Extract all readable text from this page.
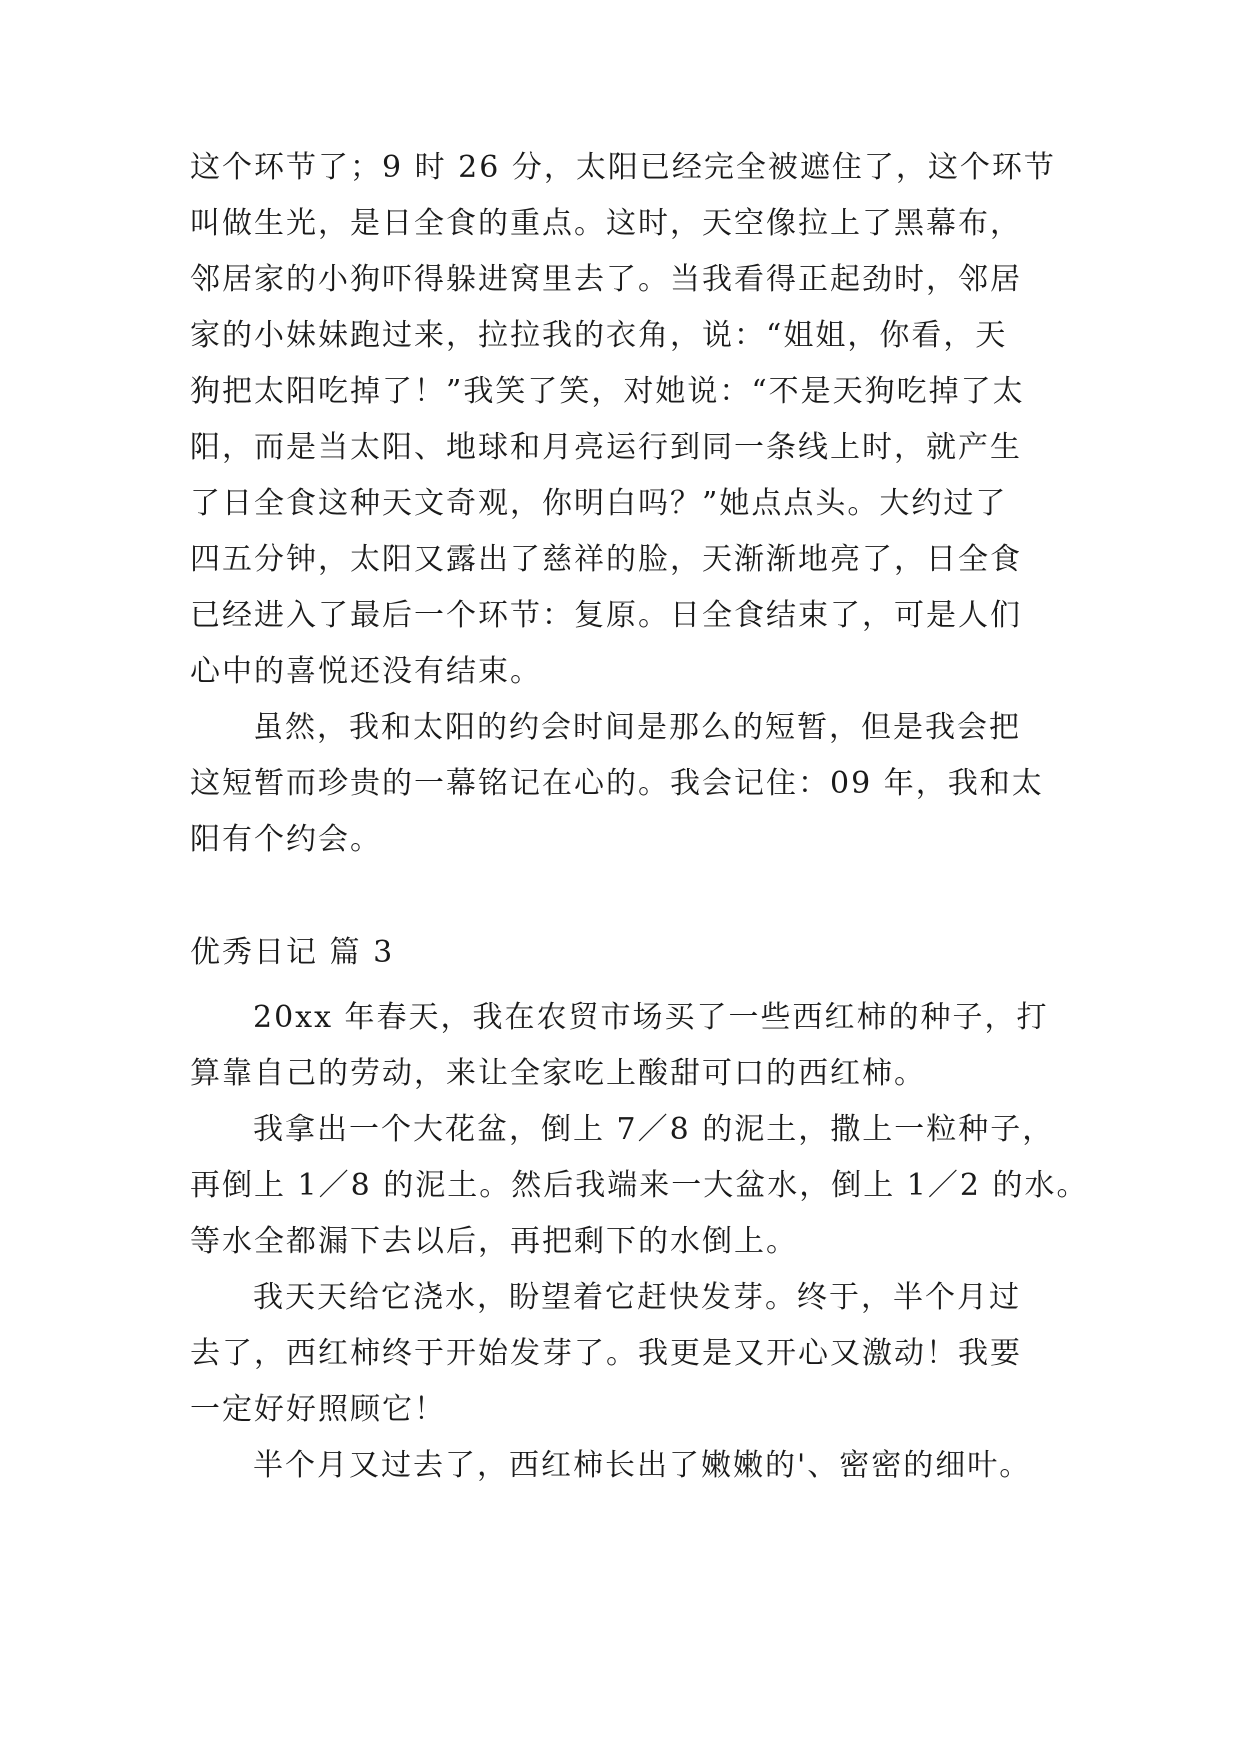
这个环节了；9 时 26 分，太阳已经完全被遮住了，这个环节
叫做生光，是日全食的重点。这时，天空像拉上了黑幕布，
邻居家的小狗吓得躲进窝里去了。当我看得正起劲时，邻居
家的小妹妹跑过来，拉拉我的衣角，说：“姐姐，你看，天
狗把太阳吃掉了！”我笑了笑，对她说：“不是天狗吃掉了太
阳，而是当太阳、地球和月亮运行到同一条线上时，就产生
了日全食这种天文奇观，你明白吗？”她点点头。大约过了
四五分钟，太阳又露出了慈祥的脸，天渐渐地亮了，日全食
已经进入了最后一个环节：复原。日全食结束了，可是人们
心中的喜悦还没有结束。
虽然，我和太阳的约会时间是那么的短暂，但是我会把
这短暂而珍贵的一幕铭记在心的。我会记住：09 年，我和太
阳有个约会。
优秀日记 篇 3
20xx 年春天，我在农贸市场买了一些西红柿的种子，打
算靠自己的劳动，来让全家吃上酸甜可口的西红柿。
我拿出一个大花盆，倒上 7／8 的泥土，撒上一粒种子，
再倒上 1／8 的泥土。然后我端来一大盆水，倒上 1／2 的水。
等水全都漏下去以后，再把剩下的水倒上。
我天天给它浇水，盼望着它赶快发芽。终于，半个月过
去了，西红柿终于开始发芽了。我更是又开心又激动！我要
一定好好照顾它！
半个月又过去了，西红柿长出了嫩嫩的'、密密的细叶。
